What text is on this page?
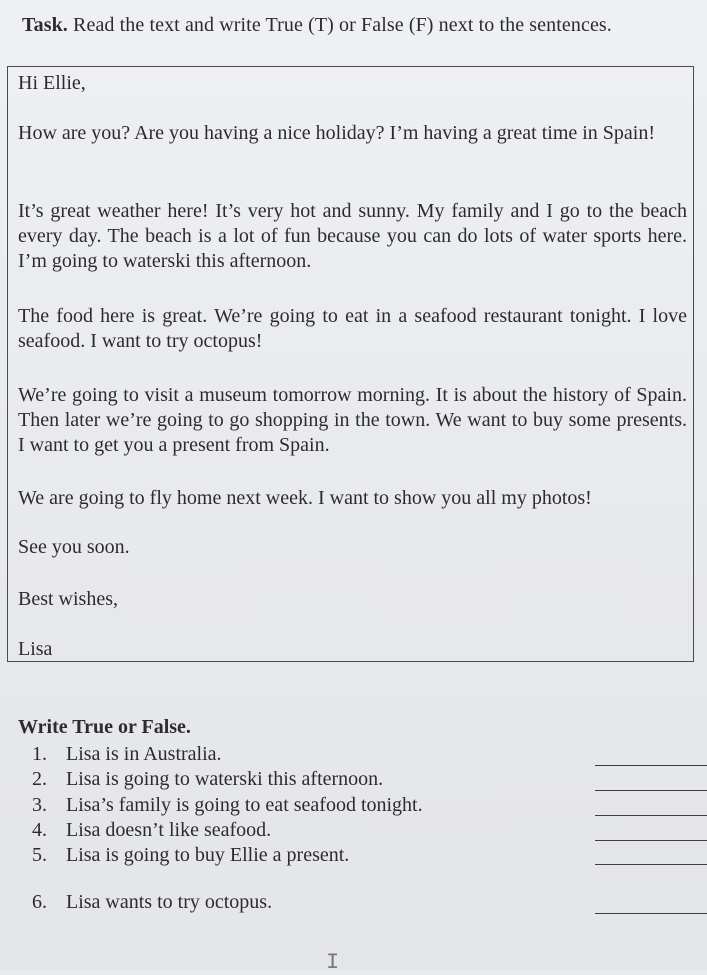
Task. Read the text and write True (T) or False (F) next to the sentences.
Hi Ellie,
How are you? Are you having a nice holiday? I’m having a great time in Spain!
It’s great weather here! It’s very hot and sunny. My family and I go to the beach every day. The beach is a lot of fun because you can do lots of water sports here. I’m going to waterski this afternoon.
The food here is great. We’re going to eat in a seafood restaurant tonight. I love seafood. I want to try octopus!
We’re going to visit a museum tomorrow morning. It is about the history of Spain. Then later we’re going to go shopping in the town. We want to buy some presents. I want to get you a present from Spain.
We are going to fly home next week. I want to show you all my photos!
See you soon.
Best wishes,
Lisa
Write True or False.
1. Lisa is in Australia.
2. Lisa is going to waterski this afternoon.
3. Lisa’s family is going to eat seafood tonight.
4. Lisa doesn’t like seafood.
5. Lisa is going to buy Ellie a present.
6. Lisa wants to try octopus.
I
